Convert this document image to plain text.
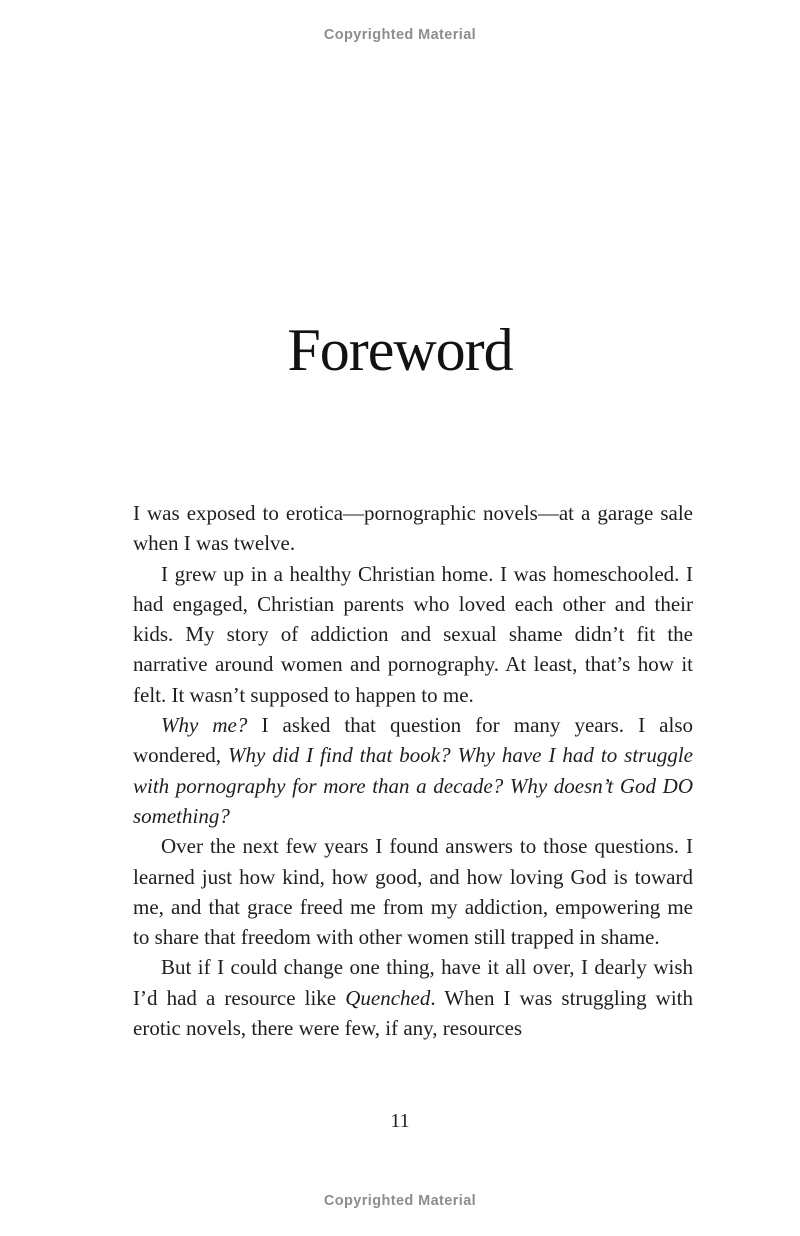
Copyrighted Material
Foreword

I was exposed to erotica—pornographic novels—at a garage sale when I was twelve.

I grew up in a healthy Christian home. I was homeschooled. I had engaged, Christian parents who loved each other and their kids. My story of addiction and sexual shame didn’t fit the narrative around women and pornography. At least, that’s how it felt. It wasn’t supposed to happen to me.

Why me? I asked that question for many years. I also wondered, Why did I find that book? Why have I had to struggle with pornography for more than a decade? Why doesn’t God DO something?

Over the next few years I found answers to those questions. I learned just how kind, how good, and how loving God is toward me, and that grace freed me from my addiction, empowering me to share that freedom with other women still trapped in shame.

But if I could change one thing, have it all over, I dearly wish I’d had a resource like Quenched. When I was struggling with erotic novels, there were few, if any, resources

11
Copyrighted Material
